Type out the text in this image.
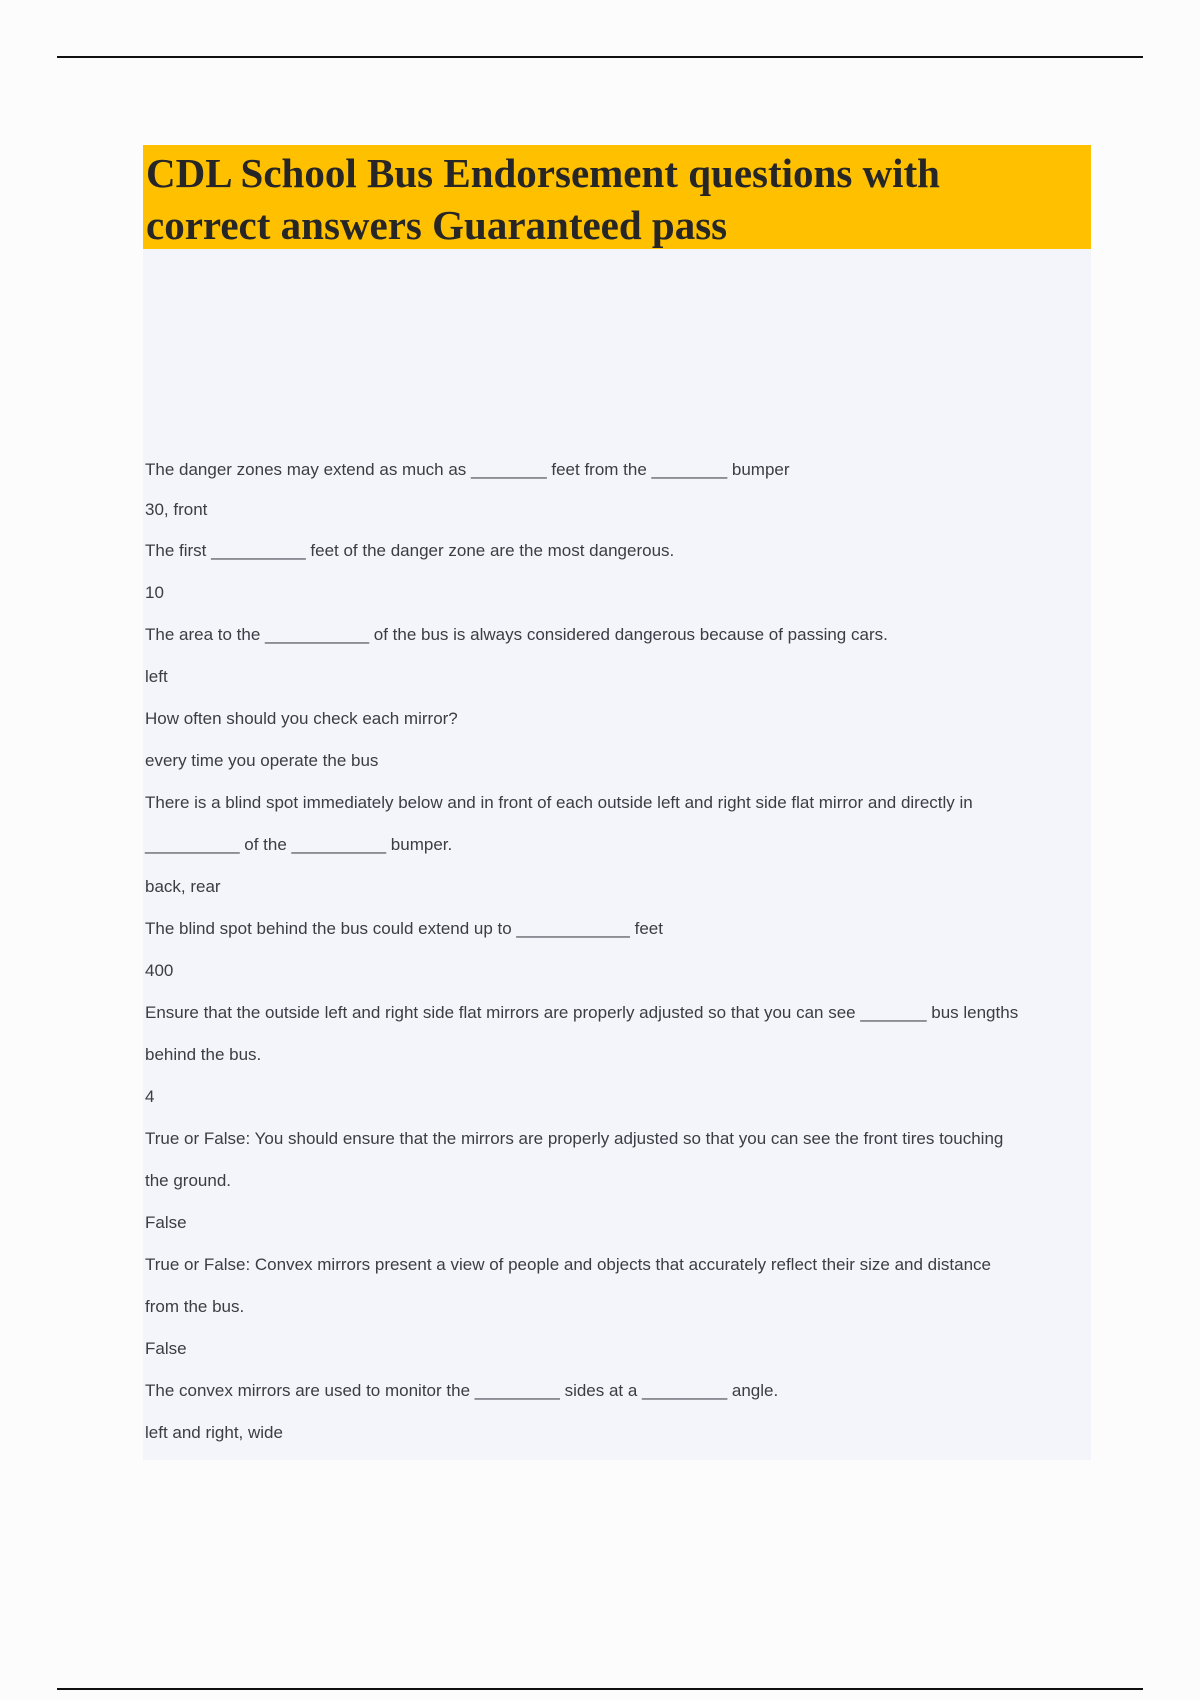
CDL School Bus Endorsement questions with
correct answers Guaranteed pass

The danger zones may extend as much as ________ feet from the ________ bumper

30, front

The first __________ feet of the danger zone are the most dangerous.

10

The area to the ___________ of the bus is always considered dangerous because of passing cars.

left

How often should you check each mirror?

every time you operate the bus

There is a blind spot immediately below and in front of each outside left and right side flat mirror and directly in

__________ of the __________ bumper.

back, rear

The blind spot behind the bus could extend up to ____________ feet

400

Ensure that the outside left and right side flat mirrors are properly adjusted so that you can see _______ bus lengths

behind the bus.

4

True or False: You should ensure that the mirrors are properly adjusted so that you can see the front tires touching

the ground.

False

True or False: Convex mirrors present a view of people and objects that accurately reflect their size and distance

from the bus.

False

The convex mirrors are used to monitor the _________ sides at a _________ angle.

left and right, wide
